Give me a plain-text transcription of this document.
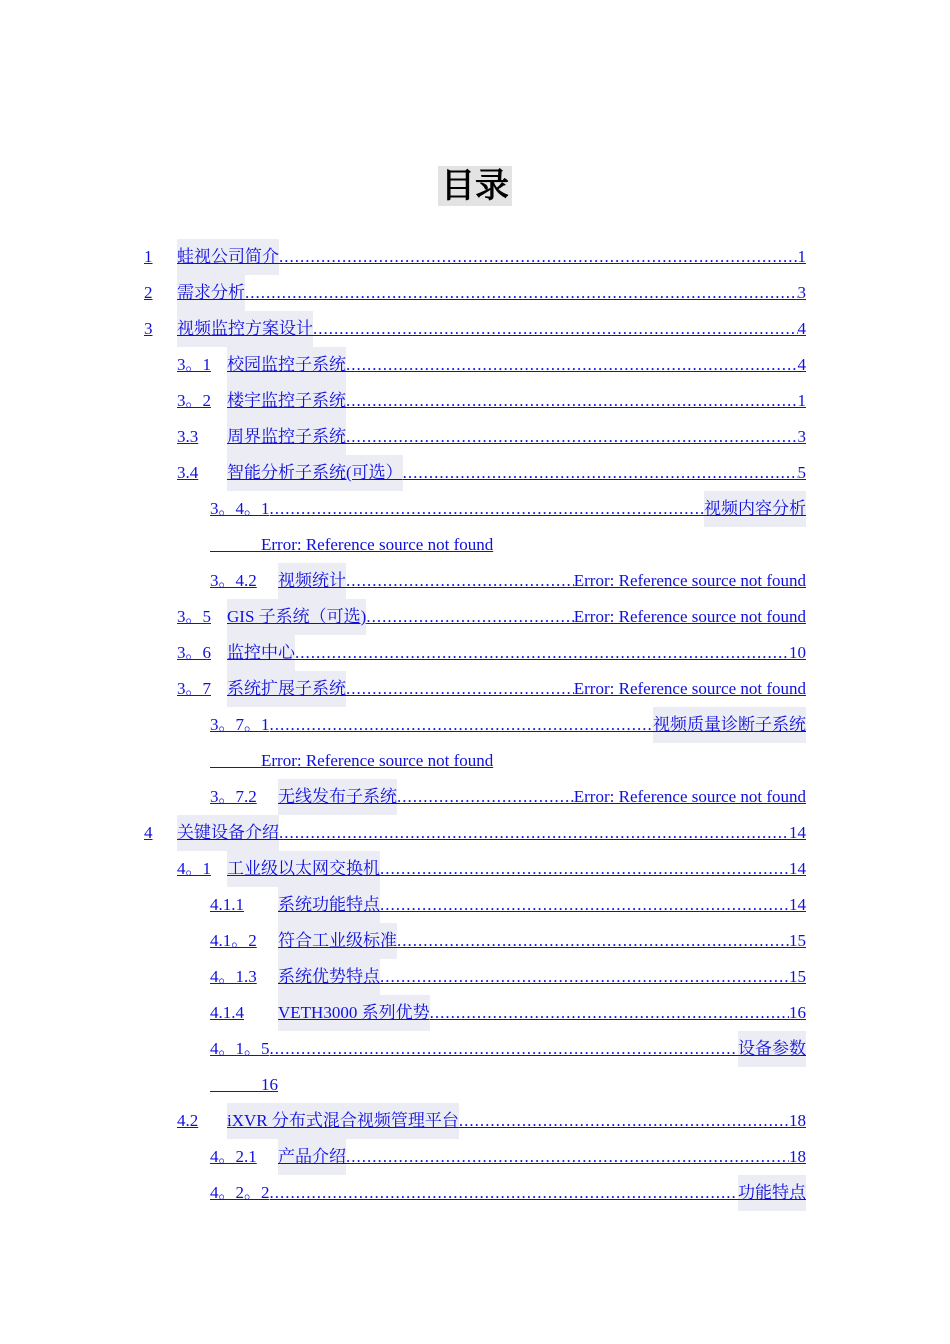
目录
1	蛙视公司简介 .....	1
2	需求分析 .....	3
3	视频监控方案设计 .....	4
3。1 校园监控子系统 .....	4
3。2 楼宇监控子系统 .....	1
3.3	周界监控子系统 .....	3
3.4	智能分析子系统(可选） .....	5
3。4。1 .....	视频内容分析
Error: Reference source not found
3。4.2	视频统计 .....	Error: Reference source not found
3。5 GIS 子系统（可选) .....	Error: Reference source not found
3。6 监控中心 .....	10
3。7 系统扩展子系统 .....	Error: Reference source not found
3。7。1 .....	视频质量诊断子系统
Error: Reference source not found
3。7.2	无线发布子系统 .....	Error: Reference source not found
4	关键设备介绍 .....	14
4。1 工业级以太网交换机 .....	14
4.1.1	系统功能特点 .....	14
4.1。2	符合工业级标准 .....	15
4。1.3	系统优势特点 .....	15
4.1.4	VETH3000 系列优势 .....	16
4。1。5 .....	设备参数
16
4.2	iXVR 分布式混合视频管理平台 .....	18
4。2.1	产品介绍 .....	18
4。2。2 .....	功能特点
